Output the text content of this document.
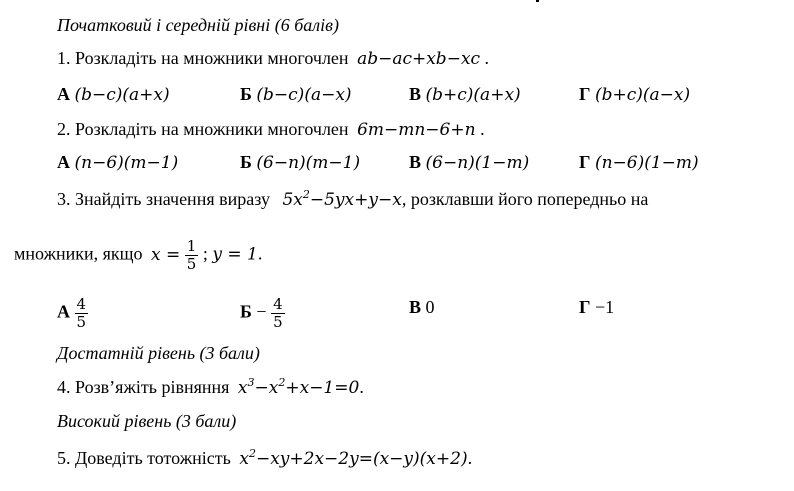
Початковий і середній рівні (6 балів)
1. Розкладіть на множники многочлен ab−ac+xb−xc .
А (b−c)(a+x)	Б (b−c)(a−x)	В (b+c)(a+x)	Г (b+c)(a−x)
2. Розкладіть на множники многочлен 6m−mn−6+n .
А (n−6)(m−1)	Б (6−n)(m−1)	В (6−n)(1−m)	Г (n−6)(1−m)
3. Знайдіть значення виразу $5x^2-5yx+y-x$, розклавши його попередньо на
множники, якщо $x = \frac{1}{5}$ ; y = 1.
А $\frac{4}{5}$	$Б - \frac{4}{5}$	В 0	Г −1
Достатній рівень (3 бали)
4. Розв’яжіть рівняння $x^3-x^2+x-1=0$.
Високий рівень (3 бали)
5. Доведіть тотожність $x^2-xy+2x-2y=(x-y)(x+2)$.
